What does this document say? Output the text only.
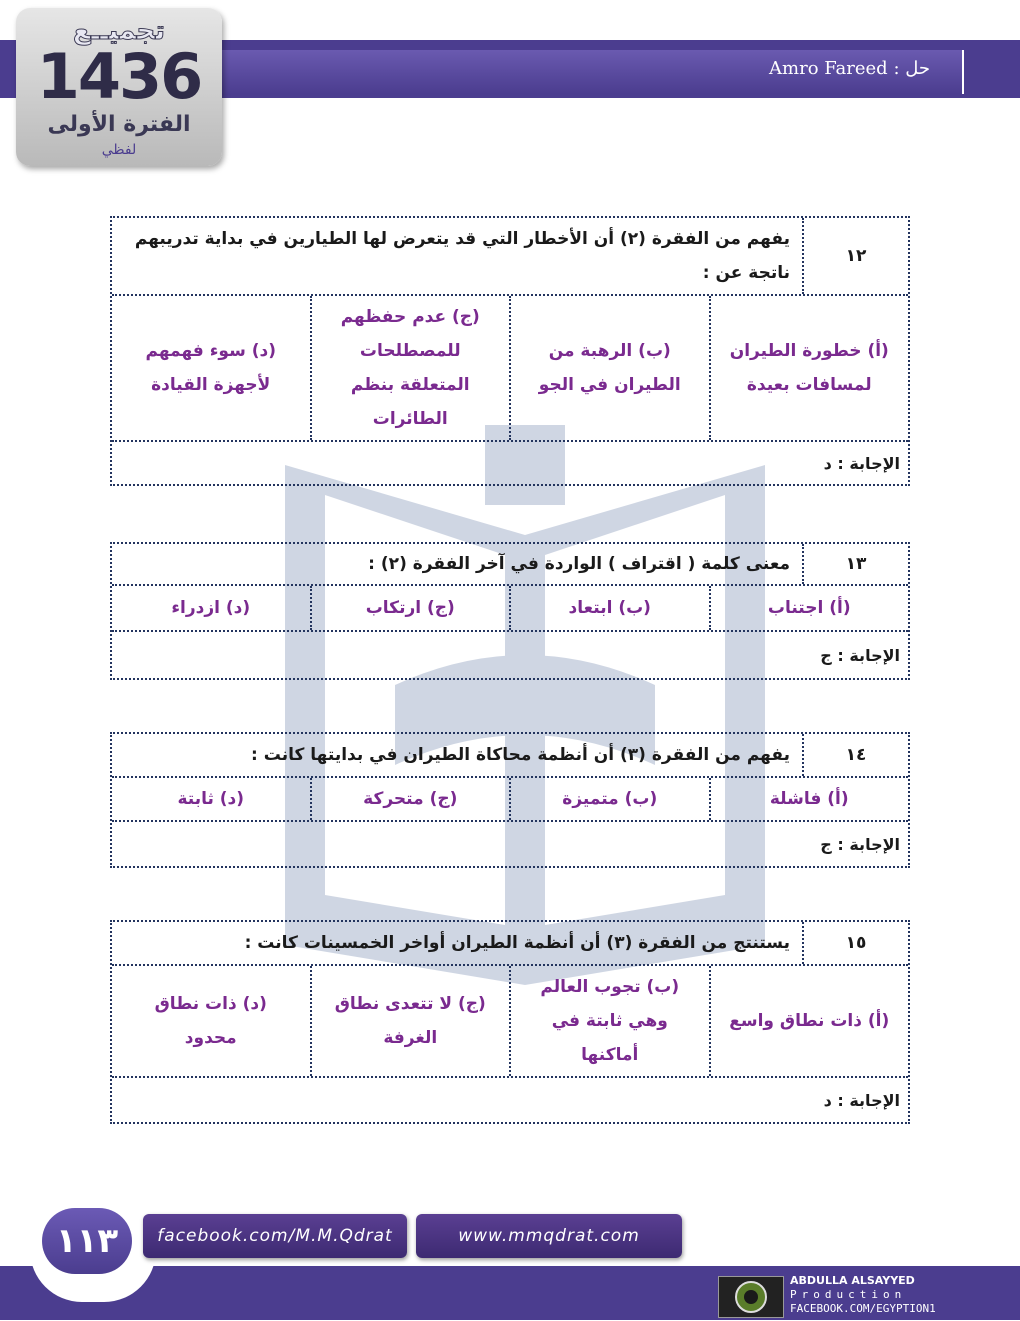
حل : Amro Fareed
تجميــع
1436
الفترة الأولى
لفظي
١٢
يفهم من الفقرة (٢) أن الأخطار التي قد يتعرض لها الطيارين في بداية تدريبهم ناتجة عن :
(أ) خطورة الطيران لمسافات بعيدة
(ب) الرهبة من الطيران في الجو
(ج) عدم حفظهم للمصطلحات المتعلقة بنظم الطائرات
(د) سوء فهمهم لأجهزة القيادة
الإجابة : د
١٣
معنى كلمة ( اقتراف ) الواردة في آخر الفقرة (٢) :
(أ) اجتناب
(ب) ابتعاد
(ج) ارتكاب
(د) ازدراء
الإجابة : ج
١٤
يفهم من الفقرة (٣) أن أنظمة محاكاة الطيران في بدايتها كانت :
(أ) فاشلة
(ب) متميزة
(ج) متحركة
(د) ثابتة
الإجابة : ج
١٥
يستنتج من الفقرة (٣) أن أنظمة الطيران أواخر الخمسينات كانت :
(أ) ذات نطاق واسع
(ب) تجوب العالم وهي ثابتة في أماكنها
(ج) لا تتعدى نطاق الغرفة
(د) ذات نطاق محدود
الإجابة : د
١١٣	facebook.com/M.M.Qdrat	www.mmqdrat.com
ABDULLA ALSAYYED
Production
FACEBOOK.COM/EGYPTION1
